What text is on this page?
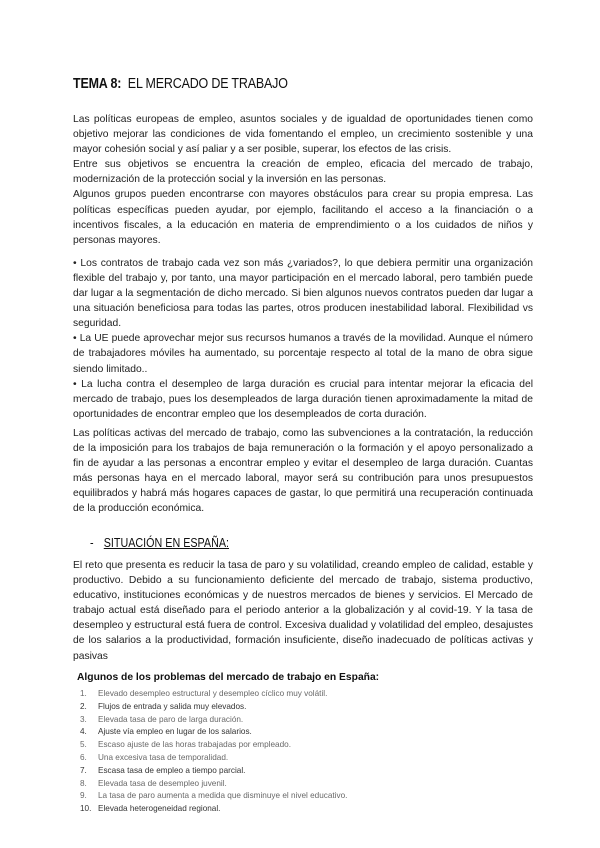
TEMA 8: EL MERCADO DE TRABAJO

Las políticas europeas de empleo, asuntos sociales y de igualdad de oportunidades tienen como objetivo mejorar las condiciones de vida fomentando el empleo, un crecimiento sostenible y una mayor cohesión social y así paliar y a ser posible, superar, los efectos de las crisis.

Entre sus objetivos se encuentra la creación de empleo, eficacia del mercado de trabajo, modernización de la protección social y la inversión en las personas.

Algunos grupos pueden encontrarse con mayores obstáculos para crear su propia empresa. Las políticas específicas pueden ayudar, por ejemplo, facilitando el acceso a la financiación o a incentivos fiscales, a la educación en materia de emprendimiento o a los cuidados de niños y personas mayores.

• Los contratos de trabajo cada vez son más ¿variados?, lo que debiera permitir una organización flexible del trabajo y, por tanto, una mayor participación en el mercado laboral, pero también puede dar lugar a la segmentación de dicho mercado. Si bien algunos nuevos contratos pueden dar lugar a una situación beneficiosa para todas las partes, otros producen inestabilidad laboral. Flexibilidad vs seguridad.

• La UE puede aprovechar mejor sus recursos humanos a través de la movilidad. Aunque el número de trabajadores móviles ha aumentado, su porcentaje respecto al total de la mano de obra sigue siendo limitado..

• La lucha contra el desempleo de larga duración es crucial para intentar mejorar la eficacia del mercado de trabajo, pues los desempleados de larga duración tienen aproximadamente la mitad de oportunidades de encontrar empleo que los desempleados de corta duración.

Las políticas activas del mercado de trabajo, como las subvenciones a la contratación, la reducción de la imposición para los trabajos de baja remuneración o la formación y el apoyo personalizado a fin de ayudar a las personas a encontrar empleo y evitar el desempleo de larga duración. Cuantas más personas haya en el mercado laboral, mayor será su contribución para unos presupuestos equilibrados y habrá más hogares capaces de gastar, lo que permitirá una recuperación continuada de la producción económica.

- SITUACIÓN EN ESPAÑA:

El reto que presenta es reducir la tasa de paro y su volatilidad, creando empleo de calidad, estable y productivo. Debido a su funcionamiento deficiente del mercado de trabajo, sistema productivo, educativo, instituciones económicas y de nuestros mercados de bienes y servicios. El Mercado de trabajo actual está diseñado para el periodo anterior a la globalización y al covid-19. Y la tasa de desempleo y estructural está fuera de control. Excesiva dualidad y volatilidad del empleo, desajustes de los salarios a la productividad, formación insuficiente, diseño inadecuado de políticas activas y pasivas

Algunos de los problemas del mercado de trabajo en España:
1.	Elevado desempleo estructural y desempleo cíclico muy volátil.
2.	Flujos de entrada y salida muy elevados.
3.	Elevada tasa de paro de larga duración.
4.	Ajuste vía empleo en lugar de los salarios.
5.	Escaso ajuste de las horas trabajadas por empleado.
6.	Una excesiva tasa de temporalidad.
7.	Escasa tasa de empleo a tiempo parcial.
8.	Elevada tasa de desempleo juvenil.
9.	La tasa de paro aumenta a medida que disminuye el nivel educativo.
10. Elevada heterogeneidad regional.
